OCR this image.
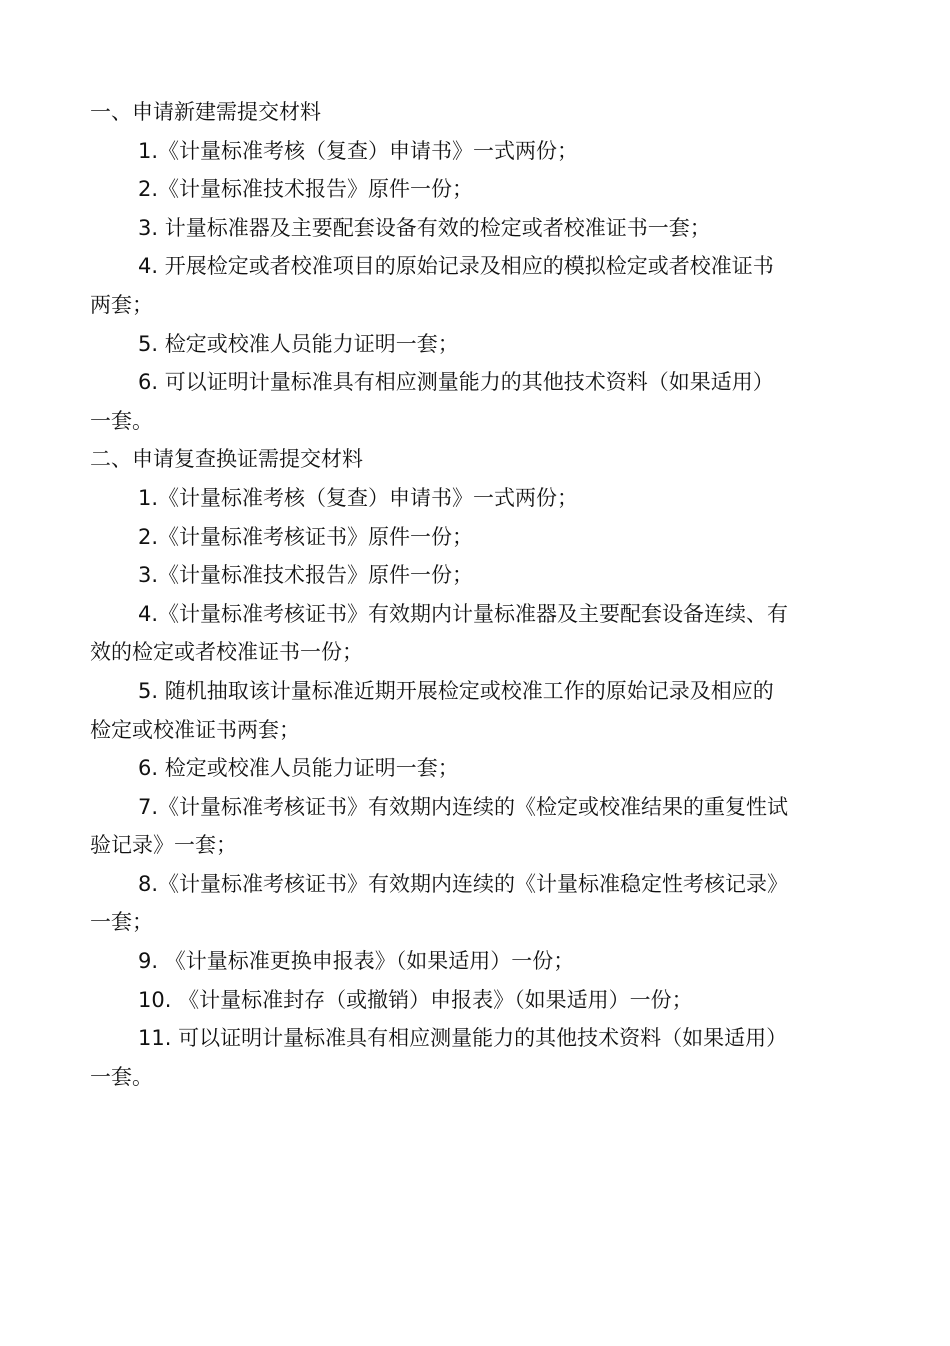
一、申请新建需提交材料

1.《计量标准考核（复查）申请书》一式两份；

2.《计量标准技术报告》原件一份；

3. 计量标准器及主要配套设备有效的检定或者校准证书一套；

4. 开展检定或者校准项目的原始记录及相应的模拟检定或者校准证书两套；

5. 检定或校准人员能力证明一套；

6. 可以证明计量标准具有相应测量能力的其他技术资料（如果适用）一套。

二、申请复查换证需提交材料

1.《计量标准考核（复查）申请书》一式两份；

2.《计量标准考核证书》原件一份；

3.《计量标准技术报告》原件一份；

4.《计量标准考核证书》有效期内计量标准器及主要配套设备连续、有效的检定或者校准证书一份；

5. 随机抽取该计量标准近期开展检定或校准工作的原始记录及相应的检定或校准证书两套；

6. 检定或校准人员能力证明一套；

7.《计量标准考核证书》有效期内连续的《检定或校准结果的重复性试验记录》一套；

8.《计量标准考核证书》有效期内连续的《计量标准稳定性考核记录》一套；

9. 《计量标准更换申报表》（如果适用）一份；

10. 《计量标准封存（或撤销）申报表》（如果适用）一份；

11. 可以证明计量标准具有相应测量能力的其他技术资料（如果适用）一套。
